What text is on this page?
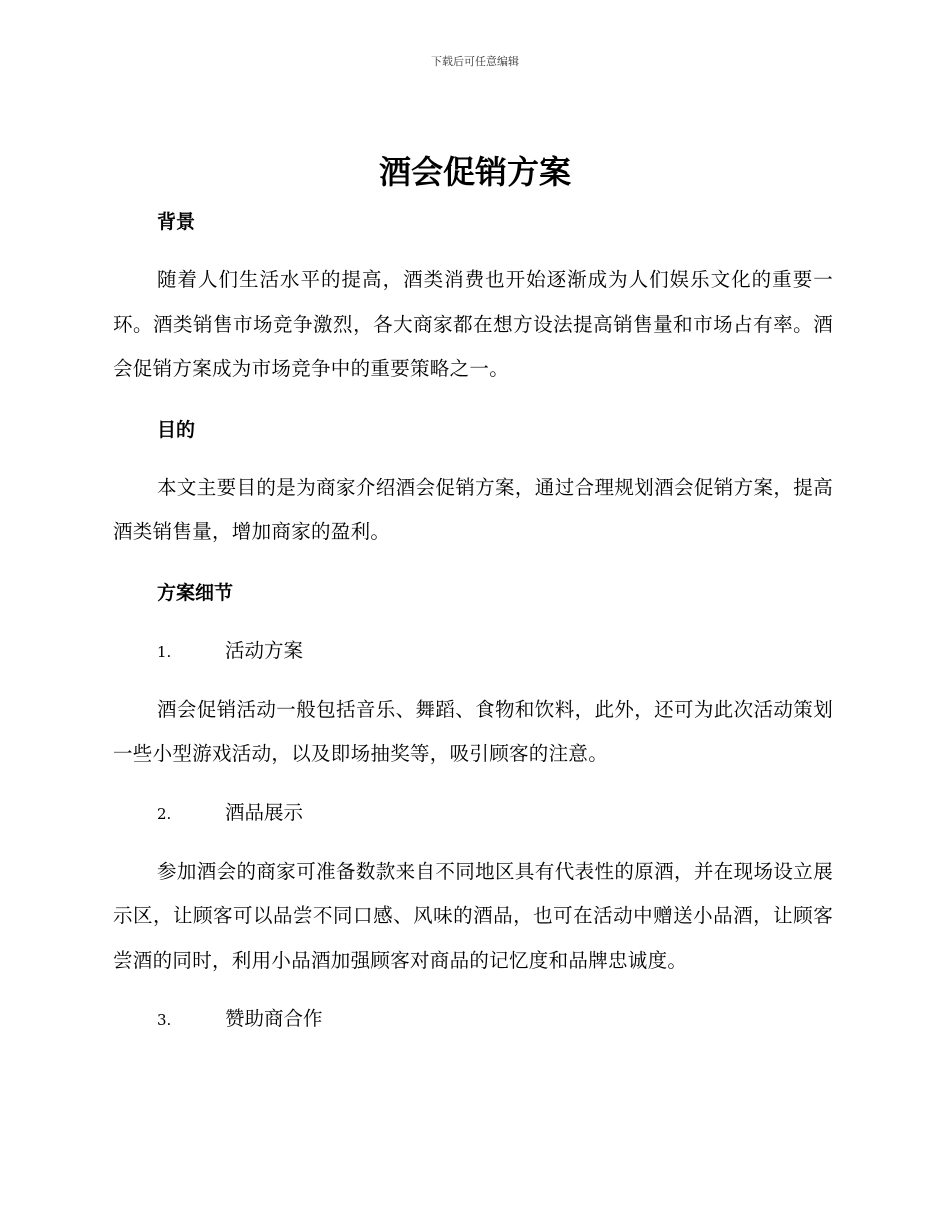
下载后可任意编辑
酒会促销方案
背景

随着人们生活水平的提高，酒类消费也开始逐渐成为人们娱乐文化的重要一环。酒类销售市场竞争激烈，各大商家都在想方设法提高销售量和市场占有率。酒会促销方案成为市场竞争中的重要策略之一。

目的

本文主要目的是为商家介绍酒会促销方案，通过合理规划酒会促销方案，提高酒类销售量，增加商家的盈利。

方案细节
1.	活动方案

酒会促销活动一般包括音乐、舞蹈、食物和饮料，此外，还可为此次活动策划一些小型游戏活动，以及即场抽奖等，吸引顾客的注意。

2.	酒品展示

参加酒会的商家可准备数款来自不同地区具有代表性的原酒，并在现场设立展示区，让顾客可以品尝不同口感、风味的酒品，也可在活动中赠送小品酒，让顾客尝酒的同时，利用小品酒加强顾客对商品的记忆度和品牌忠诚度。

3.	赞助商合作
